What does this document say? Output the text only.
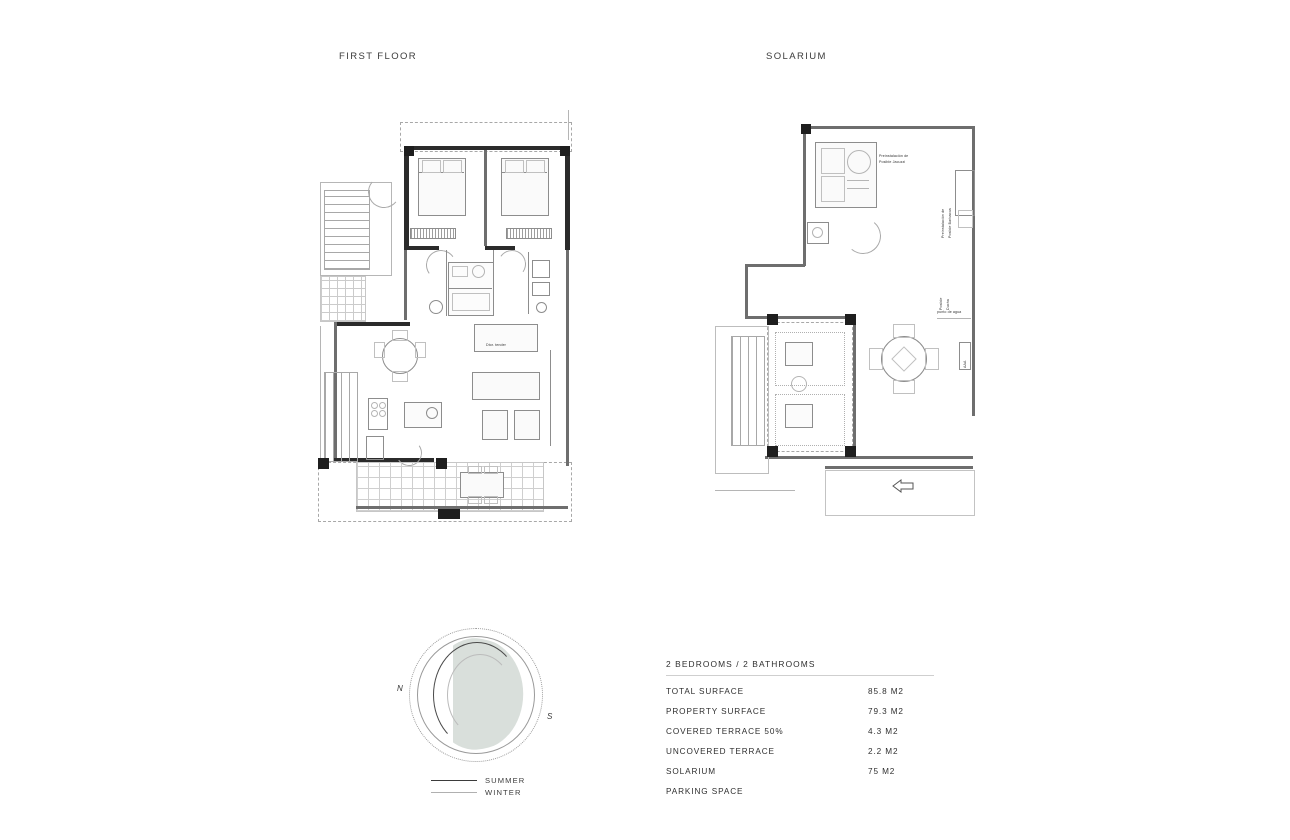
FIRST FLOOR	SOLARIUM
Dtor. tender
Preinstalación de
Posible Jacuzzi
Preinstalación de Posible Barbacoa
Posible Ducha
punto de agua
AAA
N
S
SUMMER
WINTER
2 BEDROOMS / 2 BATHROOMS
TOTAL SURFACE	85.8 M2
PROPERTY SURFACE	79.3 M2
COVERED TERRACE 50%	4.3 M2
UNCOVERED TERRACE	2.2 M2
SOLARIUM	75 M2
PARKING SPACE
